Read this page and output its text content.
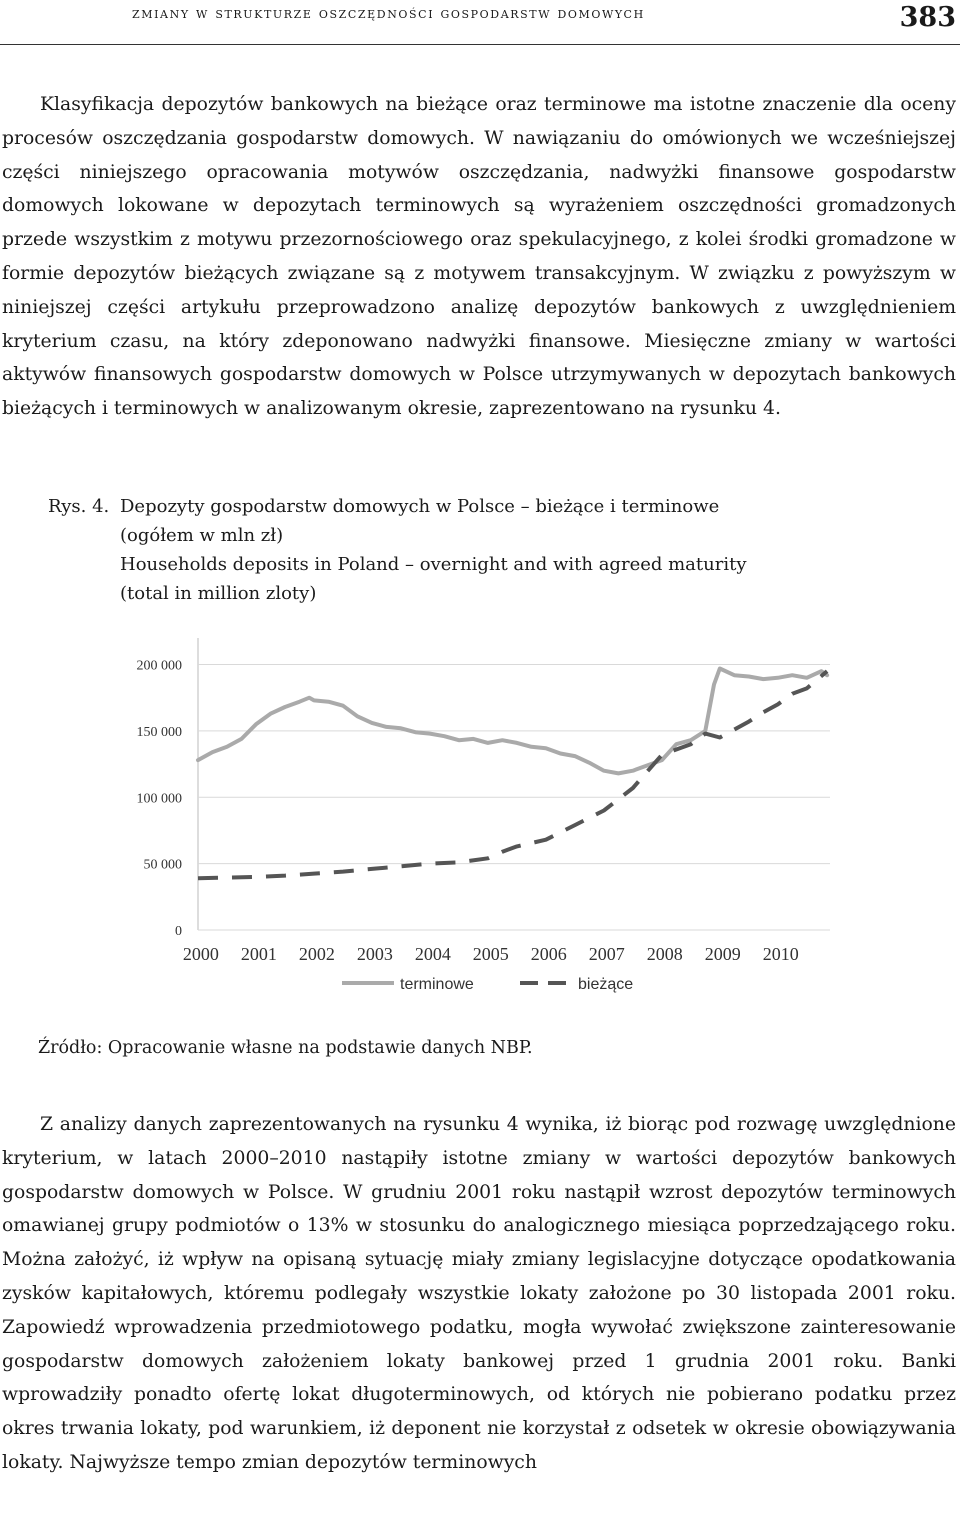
zmiany w strukturze oszczędności gospodarstw domowych	383

Klasyfikacja depozytów bankowych na bieżące oraz terminowe ma istotne znaczenie dla oceny procesów oszczędzania gospodarstw domowych. W nawiązaniu do omówionych we wcześniejszej części niniejszego opracowania motywów oszczędzania, nadwyżki finansowe gospodarstw domowych lokowane w depozytach terminowych są wyrażeniem oszczędności gromadzonych przede wszystkim z motywu przezornościowego oraz spekulacyjnego, z kolei środki gromadzone w formie depozytów bieżących związane są z motywem transakcyjnym. W związku z powyższym w niniejszej części artykułu przeprowadzono analizę depozytów bankowych z uwzględnieniem kryterium czasu, na który zdeponowano nadwyżki finansowe. Miesięczne zmiany w wartości aktywów finansowych gospodarstw domowych w Polsce utrzymywanych w depozytach bankowych bieżących i terminowych w analizowanym okresie, zaprezentowano na rysunku 4.

Rys. 4. Depozyty gospodarstw domowych w Polsce – bieżące i terminowe
(ogółem w mln zł)
Households deposits in Poland – overnight and with agreed maturity
(total in million zloty)
0
50 000
100 000
150 000
200 000
2000 2001 2002 2003 2004 2005 2006 2007 2008 2009 2010
terminowe	bieżące
Źródło: Opracowanie własne na podstawie danych NBP.

Z analizy danych zaprezentowanych na rysunku 4 wynika, iż biorąc pod rozwagę uwzględnione kryterium, w latach 2000–2010 nastąpiły istotne zmiany w wartości depozytów bankowych gospodarstw domowych w Polsce. W grudniu 2001 roku nastąpił wzrost depozytów terminowych omawianej grupy podmiotów o 13% w stosunku do analogicznego miesiąca poprzedzającego roku. Można założyć, iż wpływ na opisaną sytuację miały zmiany legislacyjne dotyczące opodatkowania zysków kapitałowych, któremu podlegały wszystkie lokaty założone po 30 listopada 2001 roku. Zapowiedź wprowadzenia przedmiotowego podatku, mogła wywołać zwiększone zainteresowanie gospodarstw domowych założeniem lokaty bankowej przed 1 grudnia 2001 roku. Banki wprowadziły ponadto ofertę lokat długoterminowych, od których nie pobierano podatku przez okres trwania lokaty, pod warunkiem, iż deponent nie korzystał z odsetek w okresie obowiązywania lokaty. Najwyższe tempo zmian depozytów terminowych
